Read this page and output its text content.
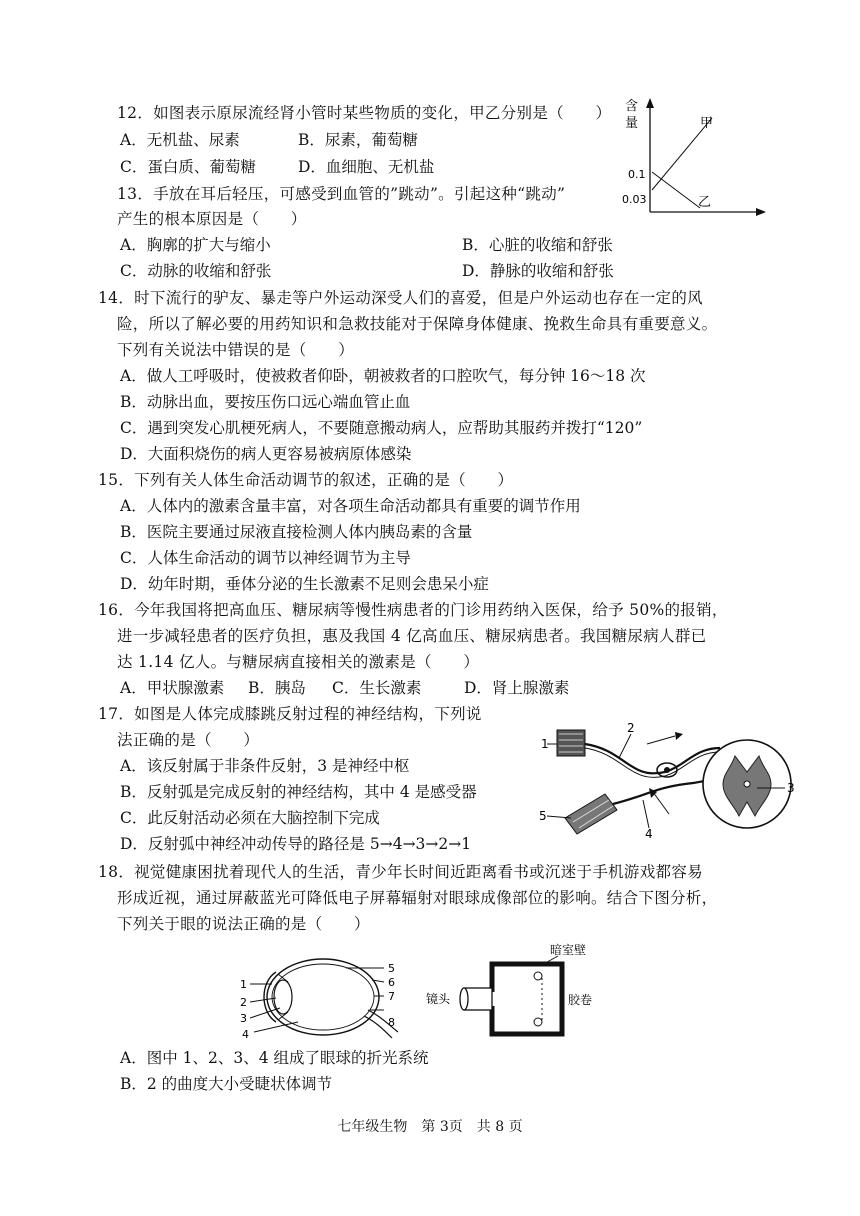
12．如图表示原尿流经肾小管时某些物质的变化，甲乙分别是（　　）
A．无机盐、尿素	B．尿素，葡萄糖
C．蛋白质、葡萄糖	D．血细胞、无机盐
含
量
0.1
0.03
甲
乙
13．手放在耳后轻压，可感受到血管的”跳动”。引起这种“跳动”
产生的根本原因是（　　）
A．胸廓的扩大与缩小	B．心脏的收缩和舒张
C．动脉的收缩和舒张	D．静脉的收缩和舒张
14．时下流行的驴友、暴走等户外运动深受人们的喜爱，但是户外运动也存在一定的风
险，所以了解必要的用药知识和急救技能对于保障身体健康、挽救生命具有重要意义。
下列有关说法中错误的是（　　）
A．做人工呼吸时，使被救者仰卧，朝被救者的口腔吹气，每分钟 16～18 次
B．动脉出血，要按压伤口远心端血管止血
C．遇到突发心肌梗死病人，不要随意搬动病人，应帮助其服药并拨打“120”
D．大面积烧伤的病人更容易被病原体感染
15．下列有关人体生命活动调节的叙述，正确的是（　　）
A．人体内的激素含量丰富，对各项生命活动都具有重要的调节作用
B．医院主要通过尿液直接检测人体内胰岛素的含量
C．人体生命活动的调节以神经调节为主导
D．幼年时期，垂体分泌的生长激素不足则会患呆小症
16．今年我国将把高血压、糖尿病等慢性病患者的门诊用药纳入医保，给予 50%的报销，
进一步减轻患者的医疗负担，惠及我国 4 亿高血压、糖尿病患者。我国糖尿病人群已
达 1.14 亿人。与糖尿病直接相关的激素是（　　）
A．甲状腺激素 B．胰岛 C．生长激素	D．肾上腺激素
17．如图是人体完成膝跳反射过程的神经结构，下列说
法正确的是（　　）
A．该反射属于非条件反射，3 是神经中枢
B．反射弧是完成反射的神经结构，其中 4 是感受器
C．此反射活动必须在大脑控制下完成
D．反射弧中神经冲动传导的路径是 5→4→3→2→1
1
5
2
4
3
18．视觉健康困扰着现代人的生活，青少年长时间近距离看书或沉迷于手机游戏都容易
形成近视，通过屏蔽蓝光可降低电子屏幕辐射对眼球成像部位的影响。结合下图分析，
下列关于眼的说法正确的是（　　）
1
2
3
4
5
6
7
8
暗室壁
镜头	胶卷
A．图中 1、2、3、4 组成了眼球的折光系统
B．2 的曲度大小受睫状体调节
七年级生物　第 3页　共 8 页
